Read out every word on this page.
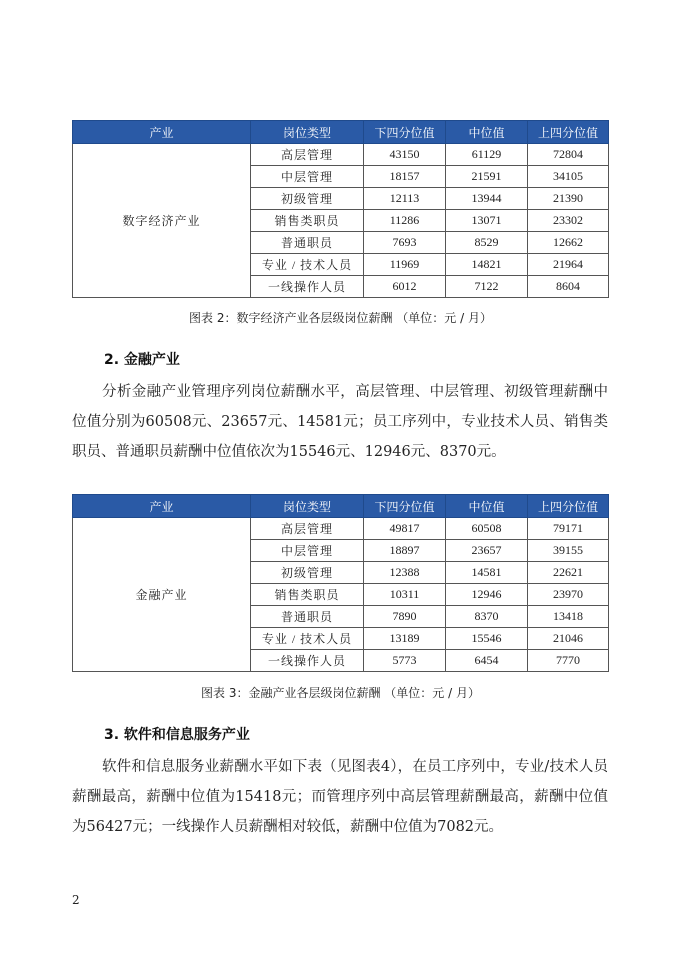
产业	岗位类型	下四分位值	中位值	上四分位值
数字经济产业	高层管理	43150	61129	72804
	中层管理	18157	21591	34105
	初级管理	12113	13944	21390
	销售类职员	11286	13071	23302
	普通职员	7693	8529	12662
	专业 / 技术人员	11969	14821	21964
	一线操作人员	6012	7122	8604
图表 2：数字经济产业各层级岗位薪酬 （单位：元 / 月）
2. 金融产业
分析金融产业管理序列岗位薪酬水平，高层管理、中层管理、初级管理薪酬中位值分别为60508元、23657元、14581元；员工序列中，专业技术人员、销售类职员、普通职员薪酬中位值依次为15546元、12946元、8370元。
产业	岗位类型	下四分位值	中位值	上四分位值
金融产业	高层管理	49817	60508	79171
	中层管理	18897	23657	39155
	初级管理	12388	14581	22621
	销售类职员	10311	12946	23970
	普通职员	7890	8370	13418
	专业 / 技术人员	13189	15546	21046
	一线操作人员	5773	6454	7770
图表 3：金融产业各层级岗位薪酬 （单位：元 / 月）
3. 软件和信息服务产业
软件和信息服务业薪酬水平如下表（见图表4），在员工序列中，专业/技术人员薪酬最高，薪酬中位值为15418元；而管理序列中高层管理薪酬最高，薪酬中位值为56427元；一线操作人员薪酬相对较低，薪酬中位值为7082元。
2
